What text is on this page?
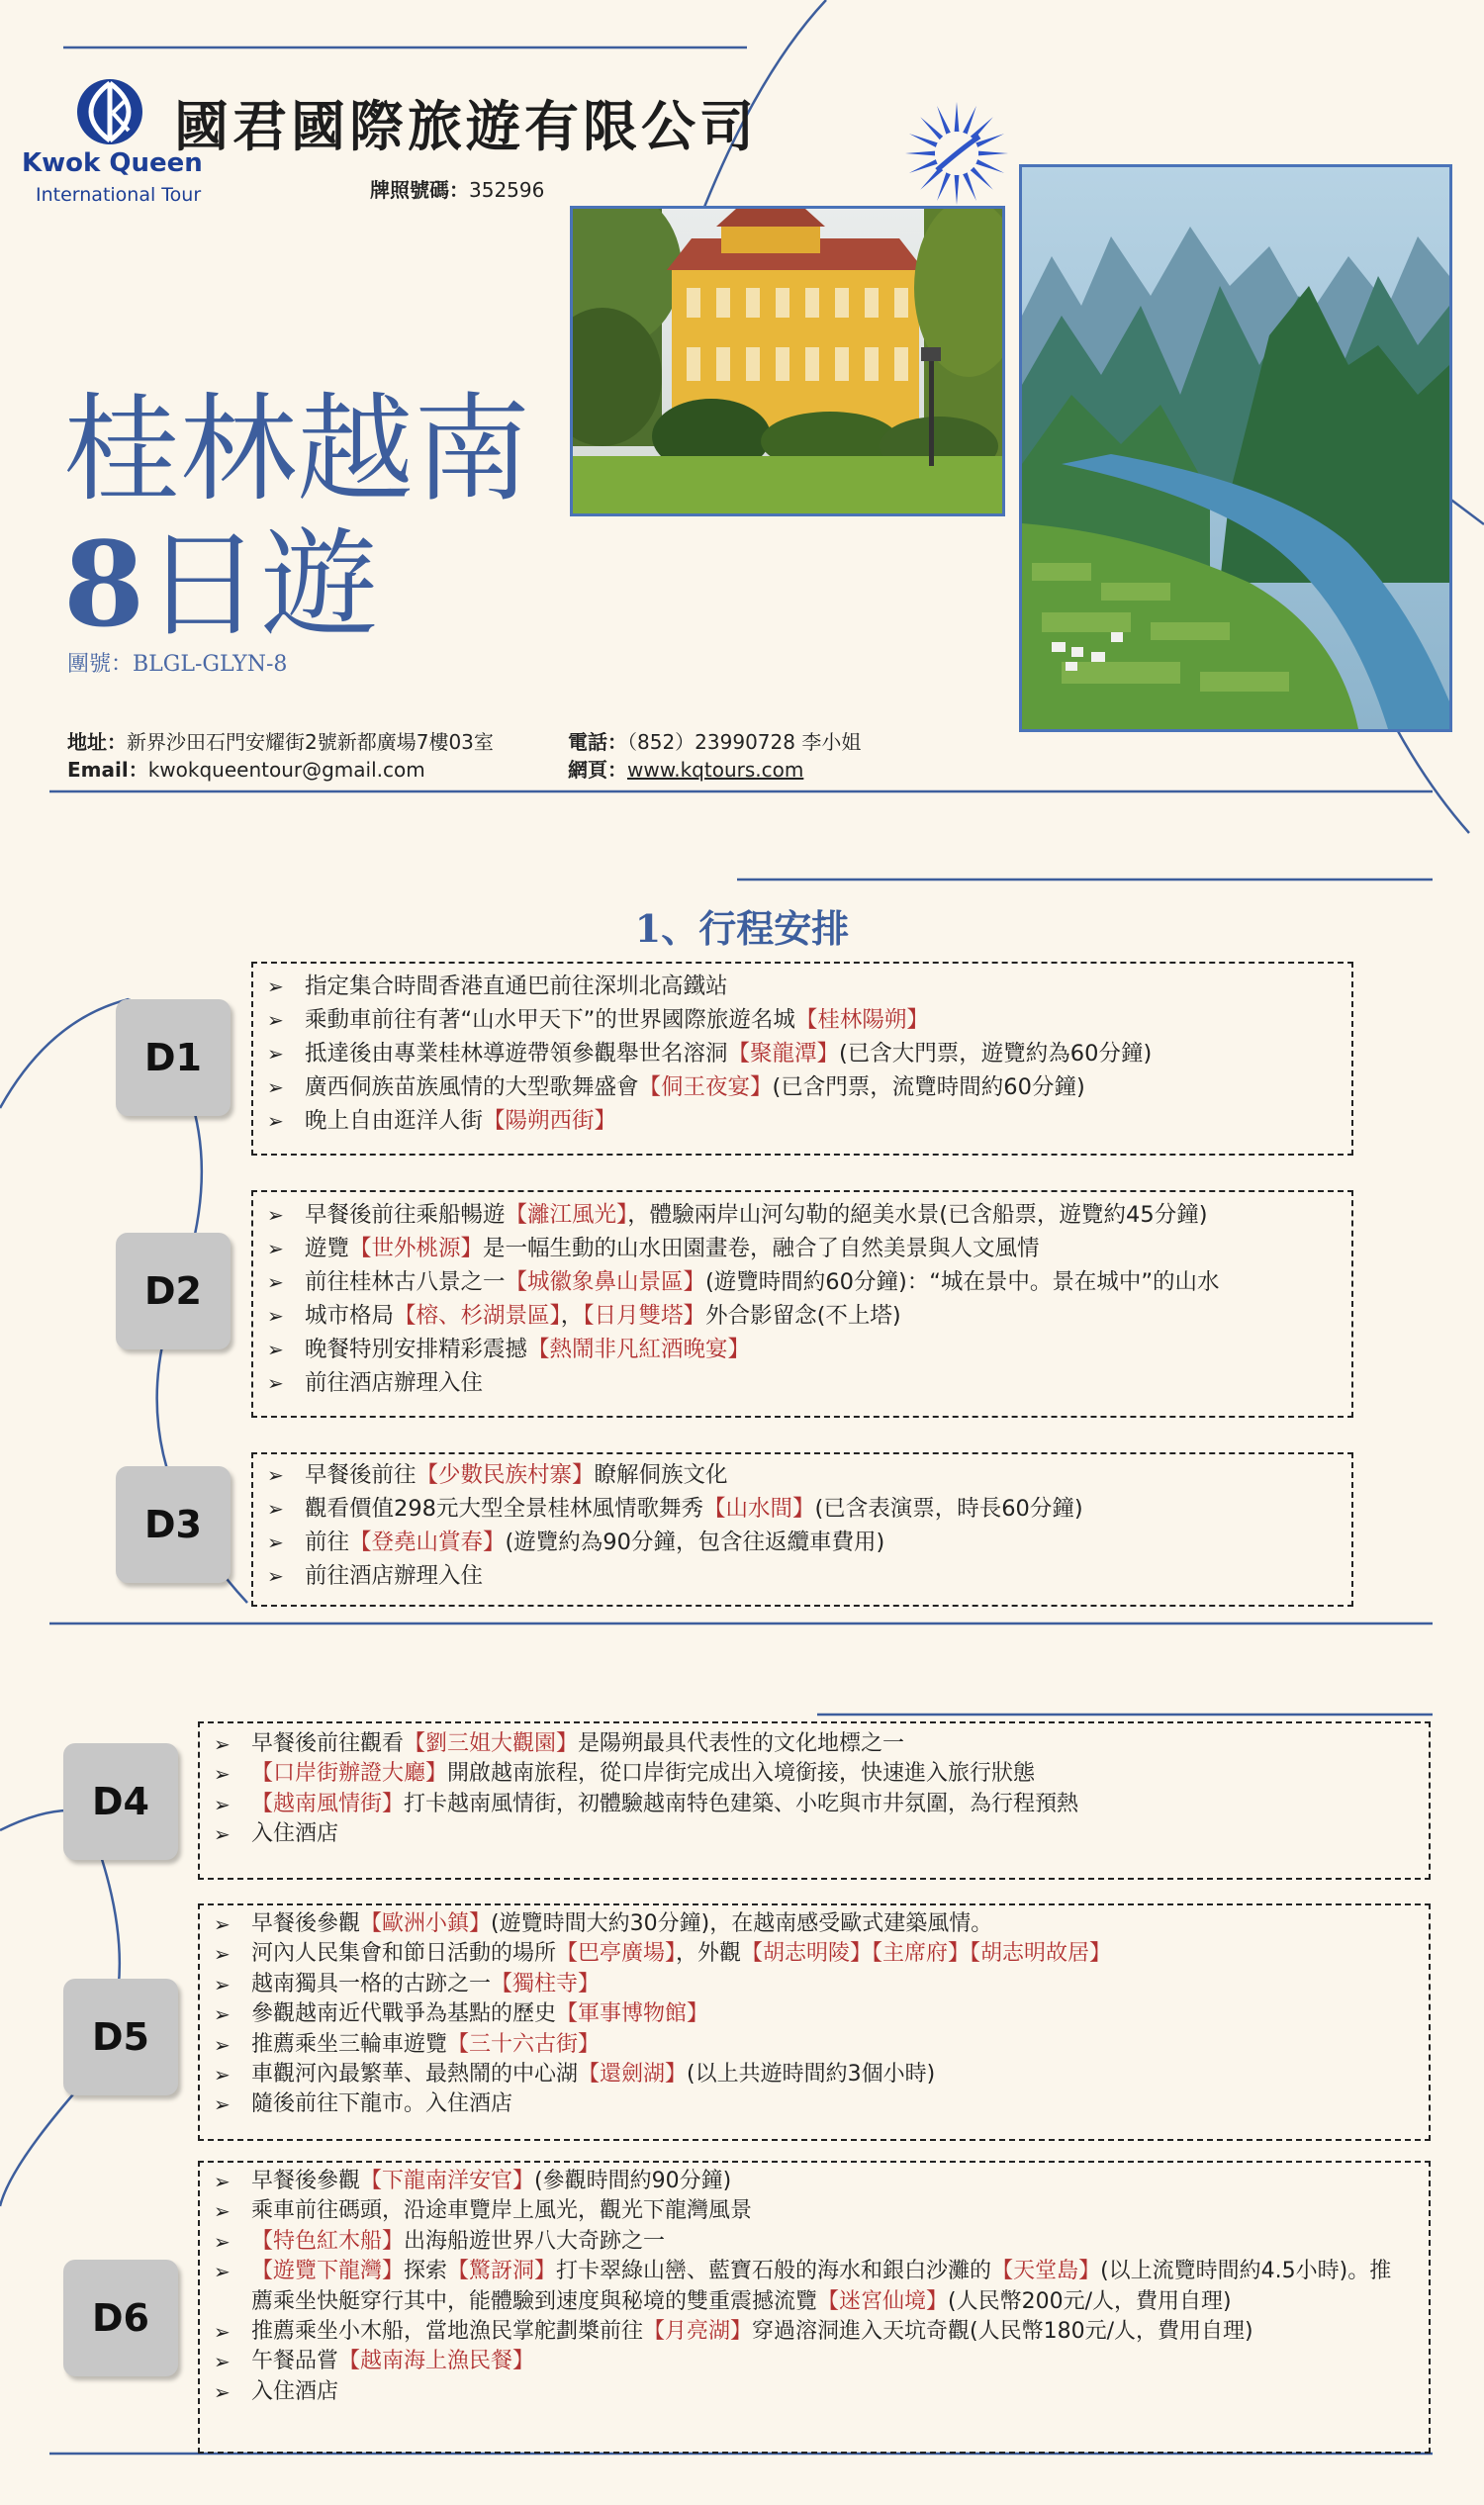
Kwok Queen
International Tour
國君國際旅遊有限公司
牌照號碼：352596
桂林越南
8日遊
團號：BLGL-GLYN-8
地址：新界沙田石門安耀街2號新都廣場7樓03室
Email：kwokqueentour@gmail.com
電話：（852）23990728 李小姐
網頁：www.kqtours.com
1、行程安排
D1
➢ 指定集合時間香港直通巴前往深圳北高鐵站
➢ 乘動車前往有著“山水甲天下”的世界國際旅遊名城【桂林陽朔】
➢ 抵達後由專業桂林導遊帶領參觀舉世名溶洞【聚龍潭】(已含大門票，遊覽約為60分鐘)
➢ 廣西侗族苗族風情的大型歌舞盛會【侗王夜宴】(已含門票，流覽時間約60分鐘)
➢ 晚上自由逛洋人街【陽朔西街】
D2
➢ 早餐後前往乘船暢遊【灕江風光】，體驗兩岸山河勾勒的絕美水景(已含船票，遊覽約45分鐘)
➢ 遊覽【世外桃源】是一幅生動的山水田園畫卷，融合了自然美景與人文風情
➢ 前往桂林古八景之一【城徽象鼻山景區】(遊覽時間約60分鐘)：“城在景中。景在城中”的山水
➢ 城市格局【榕、杉湖景區】，【日月雙塔】外合影留念(不上塔)
➢ 晚餐特別安排精彩震撼【熱鬧非凡紅酒晚宴】
➢ 前往酒店辦理入住
D3
➢ 早餐後前往【少數民族村寨】瞭解侗族文化
➢ 觀看價值298元大型全景桂林風情歌舞秀【山水間】(已含表演票，時長60分鐘)
➢ 前往【登堯山賞春】(遊覽約為90分鐘，包含往返纜車費用)
➢ 前往酒店辦理入住
D4
➢ 早餐後前往觀看【劉三姐大觀園】是陽朔最具代表性的文化地標之一
➢ 【口岸街辦證大廳】開啟越南旅程，從口岸街完成出入境銜接，快速進入旅行狀態
➢ 【越南風情街】打卡越南風情街，初體驗越南特色建築、小吃與市井氛圍，為行程預熱
➢ 入住酒店
D5
➢ 早餐後參觀【歐洲小鎮】(遊覽時間大約30分鐘)，在越南感受歐式建築風情。
➢ 河內人民集會和節日活動的場所【巴亭廣場】，外觀【胡志明陵】【主席府】【胡志明故居】
➢ 越南獨具一格的古跡之一【獨柱寺】
➢ 參觀越南近代戰爭為基點的歷史【軍事博物館】
➢ 推薦乘坐三輪車遊覽【三十六古街】
➢ 車觀河內最繁華、最熱鬧的中心湖【還劍湖】(以上共遊時間約3個小時)
➢ 隨後前往下龍市。入住酒店
D6
➢ 早餐後參觀【下龍南洋安官】(參觀時間約90分鐘)
➢ 乘車前往碼頭，沿途車覽岸上風光，觀光下龍灣風景
➢ 【特色紅木船】出海船遊世界八大奇跡之一
➢ 【遊覽下龍灣】探索【驚訝洞】打卡翠綠山巒、藍寶石般的海水和銀白沙灘的【天堂島】(以上流覽時間約4.5小時)。推薦乘坐快艇穿行其中，能體驗到速度與秘境的雙重震撼流覽【迷宮仙境】(人民幣200元/人，費用自理)
➢ 推薦乘坐小木船，當地漁民掌舵劃槳前往【月亮湖】穿過溶洞進入天坑奇觀(人民幣180元/人，費用自理)
➢ 午餐品嘗【越南海上漁民餐】
➢ 入住酒店
